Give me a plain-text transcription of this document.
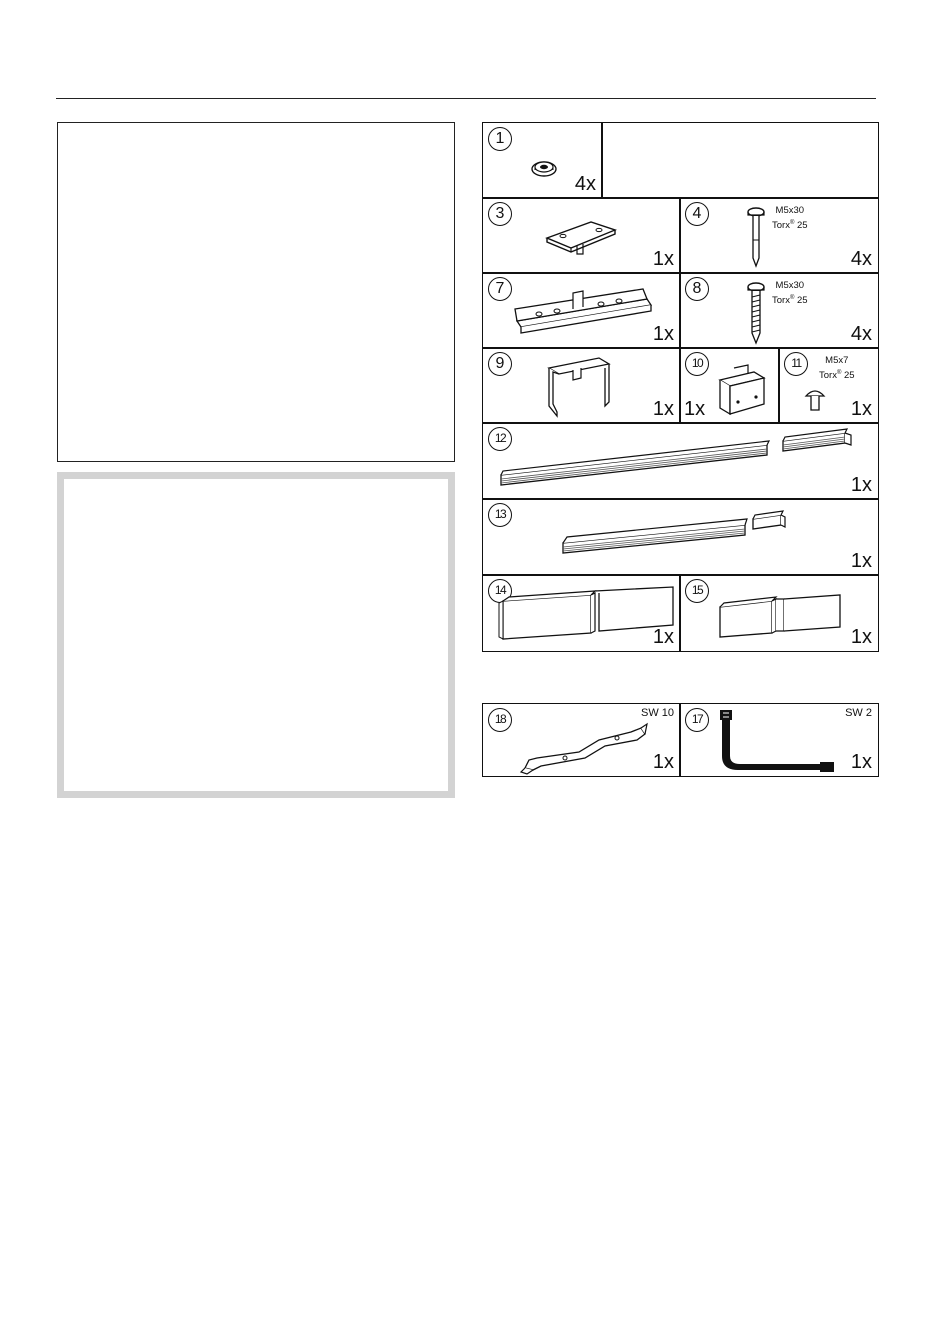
1
4x
3
1x
4	M5x30
Torx® 25
4x
7
1x
8	M5x30
Torx® 25
4x
9
1x
10
1x
11	M5x7
Torx® 25
1x
12
1x
13
1x
14
1x
15
1x
18	SW 10
1x
17	SW 2
1x
